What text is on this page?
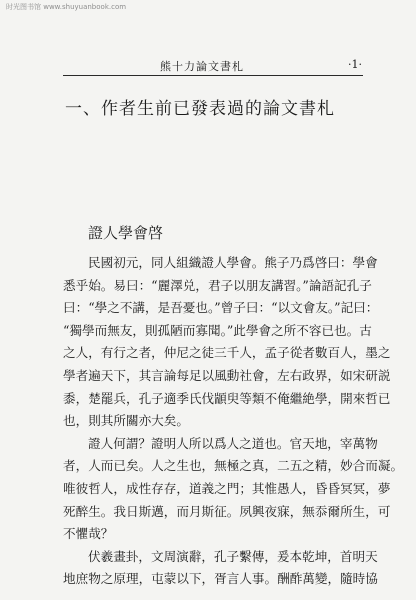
时光图书馆 www.shuyuanbook.com
熊十力論文書札	·1·
一、作者生前已發表過的論文書札
證人學會啓
民國初元，同人組織證人學會。熊子乃爲啓曰：學會
悉乎始。易曰：“麗澤兑，君子以朋友講習。”論語記孔子
曰：“學之不講，是吾憂也。”曾子曰：“以文會友。”記曰：
“獨學而無友，則孤陋而寡聞。”此學會之所不容已也。古
之人，有行之者，仲尼之徒三千人，孟子從者數百人，墨之
學者遍天下，其言論每足以風動社會，左右政界，如宋研説
黍，楚罷兵，孔子適季氏伐顓臾等類不俺繼絶學，開來哲已
也，則其所關亦大矣。
證人何謂？證明人所以爲人之道也。官天地，宰萬物
者，人而已矣。人之生也，無極之真，二五之精，妙合而凝。
唯彼哲人，成性存存，道義之門；其惟愚人，昏昏冥冥，夢
死醉生。我日斯邁，而月斯征。夙興夜寐，無忝爾所生，可
不懼哉？
伏羲畫卦，文周演辭，孔子繫傳，爰本乾坤，首明天
地庶物之原理，屯蒙以下，胥言人事。酬酢萬變，隨時協
